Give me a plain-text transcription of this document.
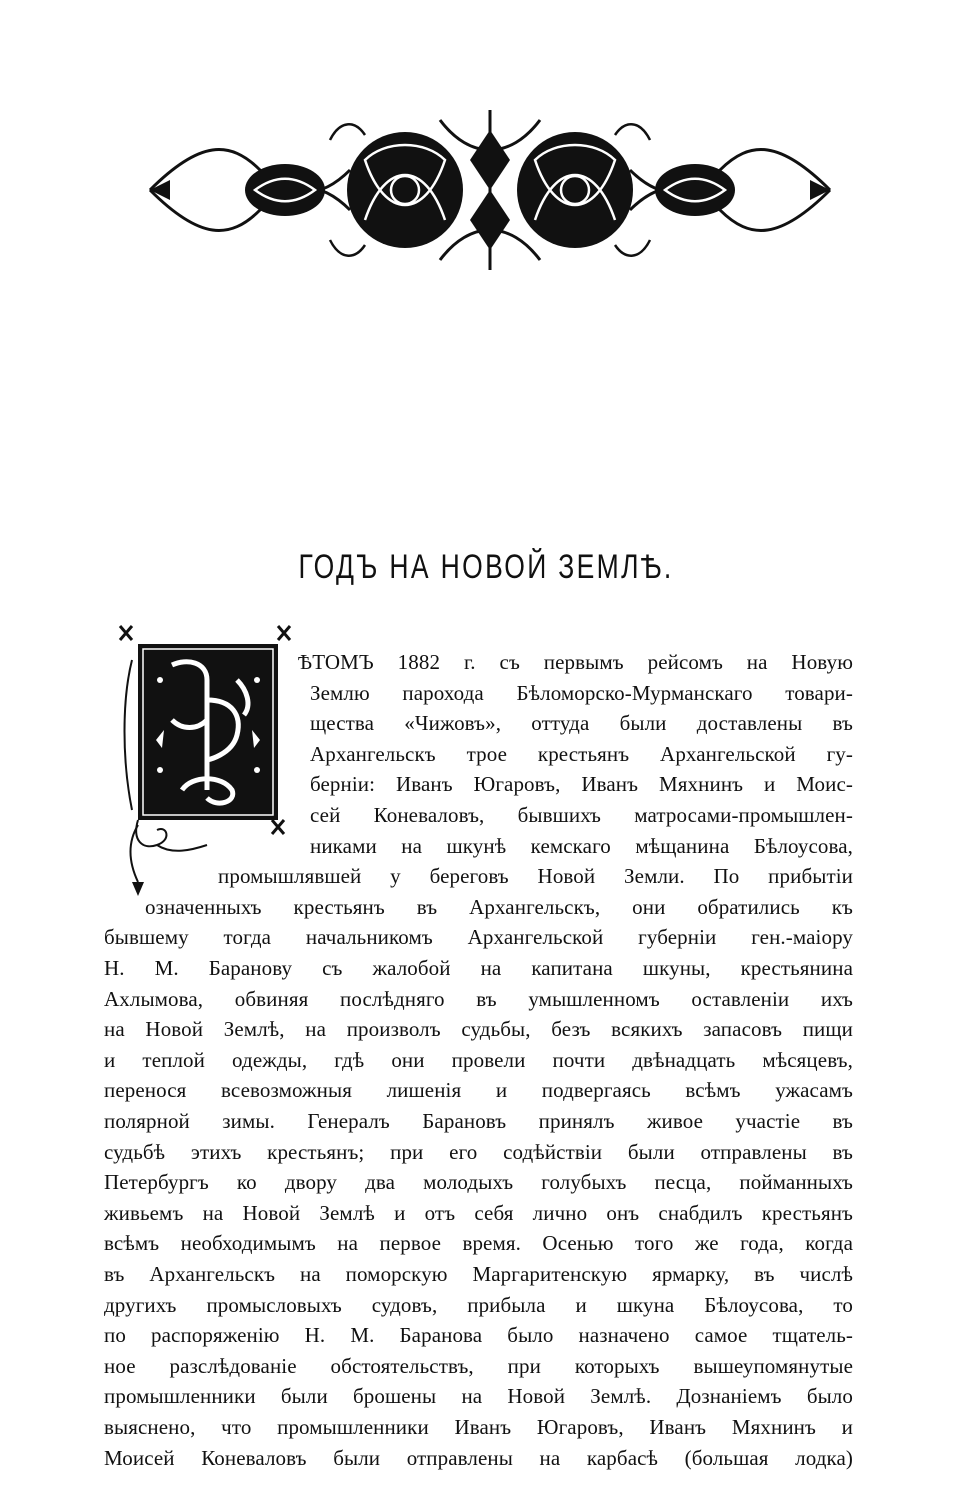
ГОДЪ НА НОВОЙ ЗЕМЛѢ.
ѢТОМЪ 1882 г. съ первымъ рейсомъ на Новую
Землю парохода Бѣломорско-Мурманскаго товари-
щества «Чижовъ», оттуда были доставлены въ
Архангельскъ трое крестьянъ Архангельской гу-
берніи: Иванъ Югаровъ, Иванъ Мяхнинъ и Моис-
сей Коневаловъ, бывшихъ матросами-промышлен-
никами на шкунѣ кемскаго мѣщанина Бѣлоусова,
промышлявшей у береговъ Новой Земли. По прибытіи
означенныхъ крестьянъ въ Архангельскъ, они обратились къ
бывшему тогда начальникомъ Архангельской губерніи ген.-маіору
Н. М. Баранову съ жалобой на капитана шкуны, крестьянина
Ахлымова, обвиняя послѣдняго въ умышленномъ оставленіи ихъ
на Новой Землѣ, на произволъ судьбы, безъ всякихъ запасовъ пищи
и теплой одежды, гдѣ они провели почти двѣнадцать мѣсяцевъ,
перенося всевозможныя лишенія и подвергаясь всѣмъ ужасамъ
полярной зимы. Генералъ Барановъ принялъ живое участіе въ
судьбѣ этихъ крестьянъ; при его содѣйствіи были отправлены въ
Петербургъ ко двору два молодыхъ голубыхъ песца, пойманныхъ
живьемъ на Новой Землѣ и отъ себя лично онъ снабдилъ крестьянъ
всѣмъ необходимымъ на первое время. Осенью того же года, когда
въ Архангельскъ на поморскую Маргаритенскую ярмарку, въ числѣ
другихъ промысловыхъ судовъ, прибыла и шкуна Бѣлоусова, то
по распоряженію Н. М. Баранова было назначено самое тщатель-
ное разслѣдованіе обстоятельствъ, при которыхъ вышеупомянутые
промышленники были брошены на Новой Землѣ. Дознаніемъ было
выяснено, что промышленники Иванъ Югаровъ, Иванъ Мяхнинъ и
Моисей Коневаловъ были отправлены на карбасѣ (большая лодка)
